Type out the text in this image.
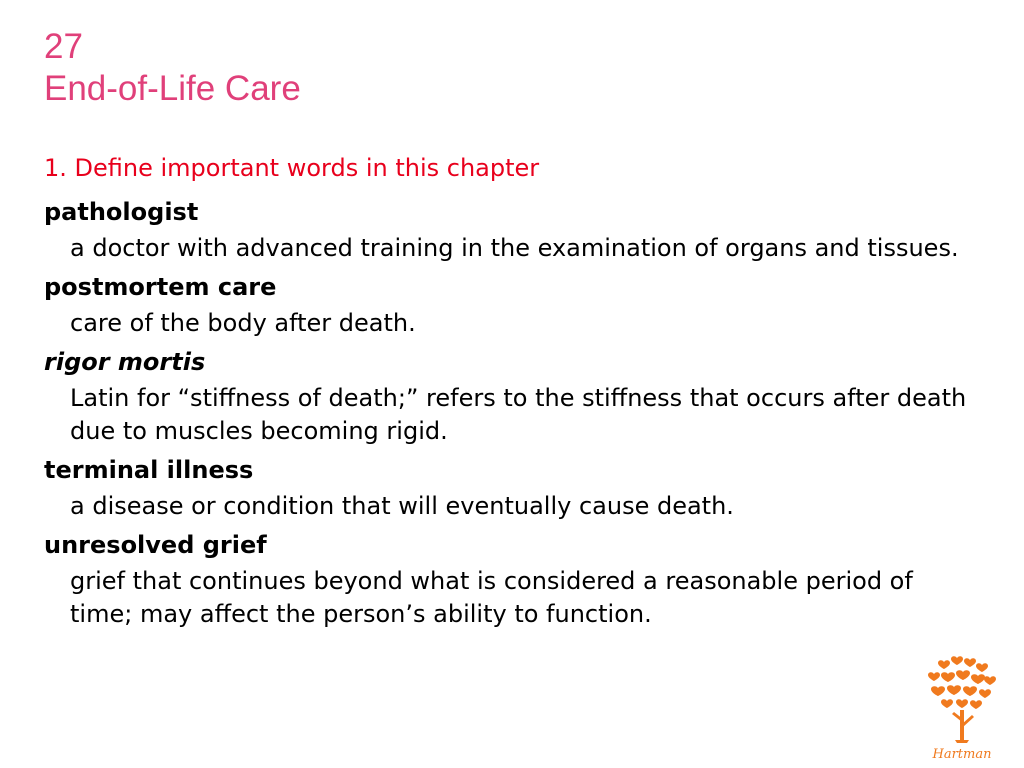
27
End-of-Life Care
1. Define important words in this chapter
pathologist
a doctor with advanced training in the examination of organs and tissues.
postmortem care
care of the body after death.
rigor mortis
Latin for “stiffness of death;” refers to the stiffness that occurs after death due to muscles becoming rigid.
terminal illness
a disease or condition that will eventually cause death.
unresolved grief
grief that continues beyond what is considered a reasonable period of time; may affect the person’s ability to function.
Hartman
